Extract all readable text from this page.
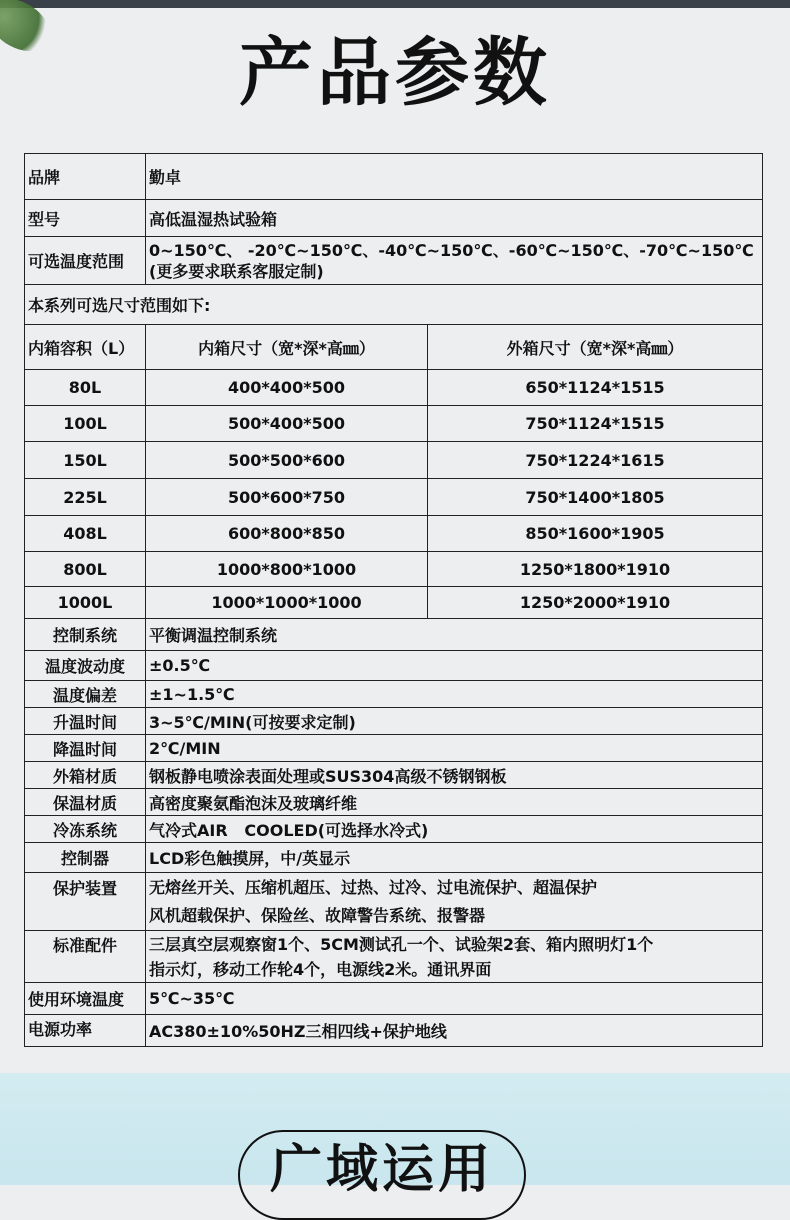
产品参数
品牌	勤卓	
型号	高低温湿热试验箱	
可选温度范围	0~150℃、 -20℃~150℃、-40℃~150℃、-60℃~150℃、-70℃~150℃
(更多要求联系客服定制)	

本系列可选尺寸范围如下:		
内箱容积（L）	内箱尺寸（宽*深*高㎜）	外箱尺寸（宽*深*高㎜）
80L	400*400*500	650*1124*1515
100L	500*400*500	750*1124*1515
150L	500*500*600	750*1224*1615
225L	500*600*750	750*1400*1805
408L	600*800*850	850*1600*1905
800L	1000*800*1000	1250*1800*1910
1000L	1000*1000*1000	1250*2000*1910
控制系统	平衡调温控制系统	
温度波动度	±0.5℃	
温度偏差	±1~1.5℃	
升温时间	3~5℃/MIN(可按要求定制)	
降温时间	2℃/MIN	
外箱材质	钢板静电喷涂表面处理或SUS304高级不锈钢钢板	
保温材质	高密度聚氨酯泡沫及玻璃纤维	
冷冻系统	气冷式AIR   COOLED(可选择水冷式)	
控制器	LCD彩色触摸屏，中/英显示	
保护装置	无熔丝开关、压缩机超压、过热、过冷、过电流保护、超温保护
风机超载保护、保险丝、故障警告系统、报警器	

标准配件	三层真空层观察窗1个、5CM测试孔一个、试验架2套、箱内照明灯1个
指示灯，移动工作轮4个，电源线2米。通讯界面	

使用环境温度	5℃~35℃	
电源功率	AC380±10%50HZ三相四线+保护地线	
广域运用
